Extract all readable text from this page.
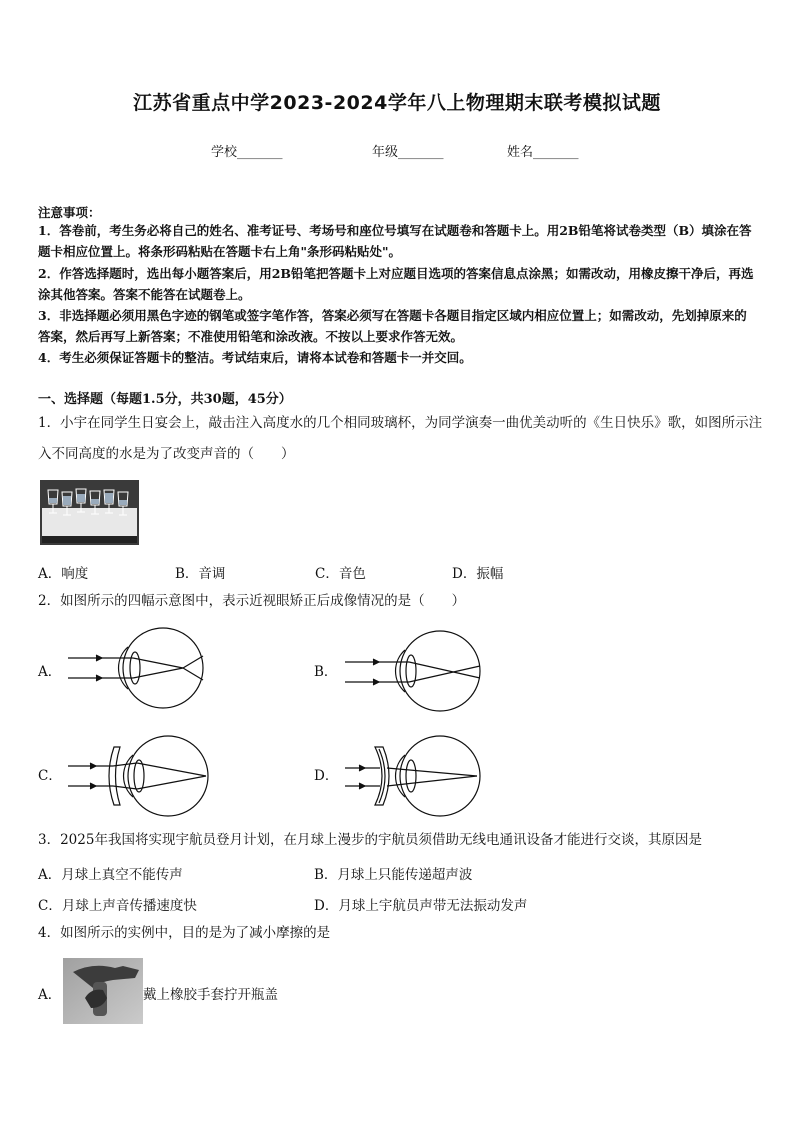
江苏省重点中学2023-2024学年八上物理期末联考模拟试题
学校_______	年级_______	姓名_______
注意事项：
1．答卷前，考生务必将自己的姓名、准考证号、考场号和座位号填写在试题卷和答题卡上。用2B铅笔将试卷类型（B）填涂在答题卡相应位置上。将条形码粘贴在答题卡右上角"条形码粘贴处"。
2．作答选择题时，选出每小题答案后，用2B铅笔把答题卡上对应题目选项的答案信息点涂黑；如需改动，用橡皮擦干净后，再选涂其他答案。答案不能答在试题卷上。
3．非选择题必须用黑色字迹的钢笔或签字笔作答，答案必须写在答题卡各题目指定区域内相应位置上；如需改动，先划掉原来的答案，然后再写上新答案；不准使用铅笔和涂改液。不按以上要求作答无效。
4．考生必须保证答题卡的整洁。考试结束后，请将本试卷和答题卡一并交回。
一、选择题（每题1.5分，共30题，45分）
1．小宇在同学生日宴会上，敲击注入高度水的几个相同玻璃杯，为同学演奏一曲优美动听的《生日快乐》歌，如图所示注入不同高度的水是为了改变声音的（　　）
A．响度	B．音调	C．音色	D．振幅
2．如图所示的四幅示意图中，表示近视眼矫正后成像情况的是（　　）
A．	B．
C．	D．
3．2025年我国将实现宇航员登月计划，在月球上漫步的宇航员须借助无线电通讯设备才能进行交谈，其原因是
A．月球上真空不能传声	B．月球上只能传递超声波
C．月球上声音传播速度快	D．月球上宇航员声带无法振动发声
4．如图所示的实例中，目的是为了减小摩擦的是
A．	戴上橡胶手套拧开瓶盖
